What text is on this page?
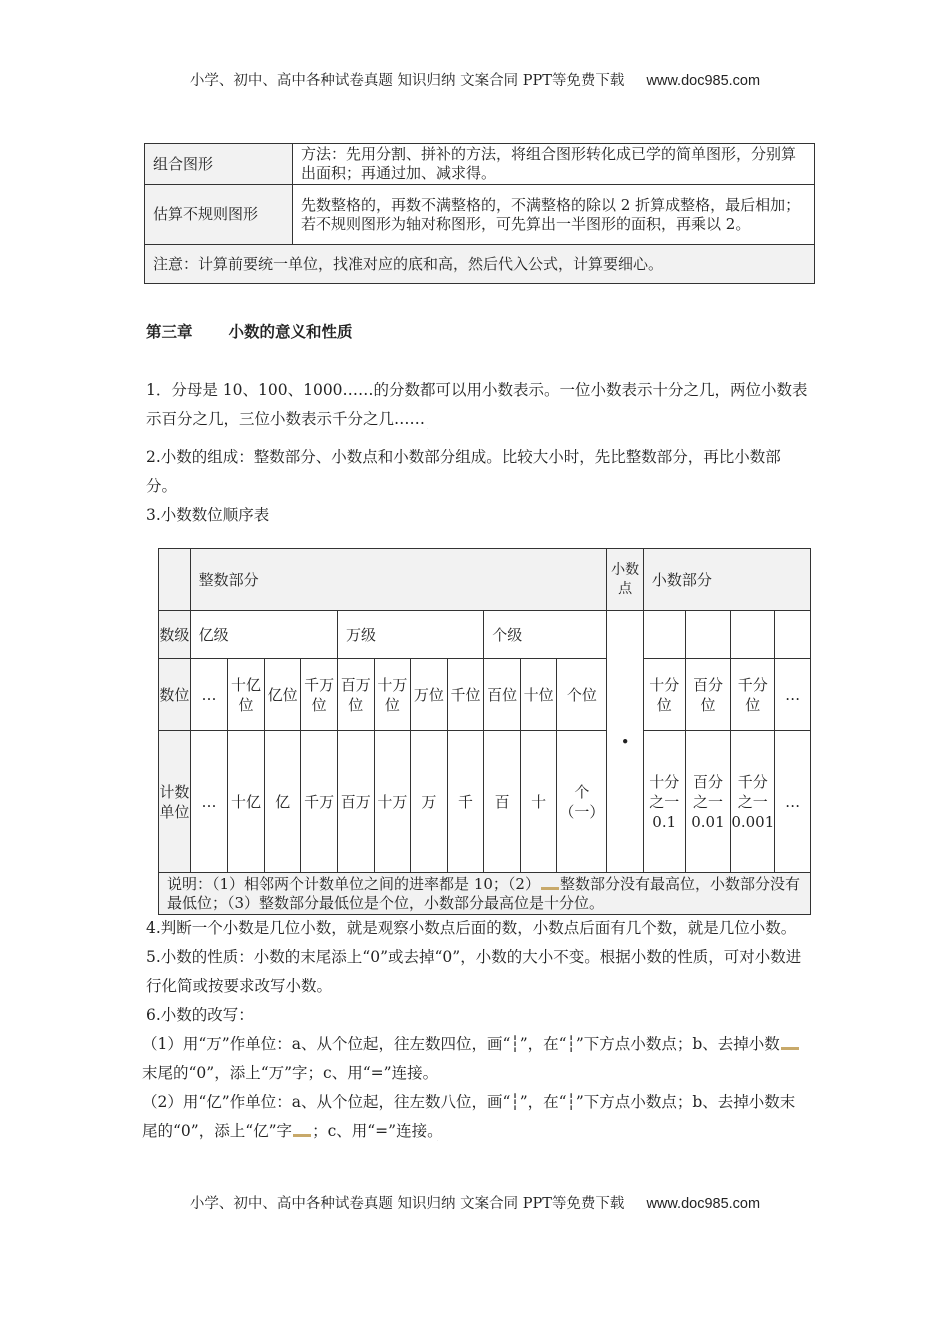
小学、初中、高中各种试卷真题 知识归纳 文案合同 PPT等免费下载 www.doc985.com
组合图形	方法：先用分割、拼补的方法，将组合图形转化成已学的简单图形，分别算出面积；再通过加、减求得。
估算不规则图形	先数整格的，再数不满整格的，不满整格的除以 2 折算成整格，最后相加；若不规则图形为轴对称图形，可先算出一半图形的面积，再乘以 2。
注意：计算前要统一单位，找准对应的底和高，然后代入公式，计算要细心。	
第三章 小数的意义和性质

1．分母是 10、100、1000……的分数都可以用小数表示。一位小数表示十分之几，两位小数表示百分之几，三位小数表示千分之几$\dots\dots_\cdot$

2.小数的组成：整数部分、小数点和小数部分组成。比较大小时，先比整数部分，再比小数部分。

3.小数数位顺序表

	整数部分											小数点	小数部分			
数级	亿级				万级				个级			•				
数位	…	十亿位	亿位	千万位	百万位	十万位	万位	千位	百位	十位	个位		十分位	百分位	千分位	…
计数单位	…	十亿	亿	千万	百万	十万	万	千	百	十	个（一）		十分之一0.1	百分之一0.01	千分之一0.001	…
说明：（1）相邻两个计数单位之间的进率都是 10；（2） 整数部分没有最高位，小数部分没有最低位；（3）整数部分最低位是个位，小数部分最高位是十分位。																

4.判断一个小数是几位小数，就是观察小数点后面的数，小数点后面有几个数，就是几位小数。

5.小数的性质：小数的末尾添上“0”或去掉“0”，小数的大小不变。根据小数的性质，可对小数进行化简或按要求改写小数。

6.小数的改写：

（1）用“万”作单位：a、从个位起，往左数四位，画“┆”，在“┆”下方点小数点；b、去掉小数末尾的“0”，添上“万”字；c、用“=”连接。

（2）用“亿”作单位：a、从个位起，往左数八位，画“┆”，在“┆”下方点小数点；b、去掉小数末尾的“0”，添上“亿”字 ；c、用“=”连接。$_\cdot$

小学、初中、高中各种试卷真题 知识归纳 文案合同 PPT等免费下载 www.doc985.com
